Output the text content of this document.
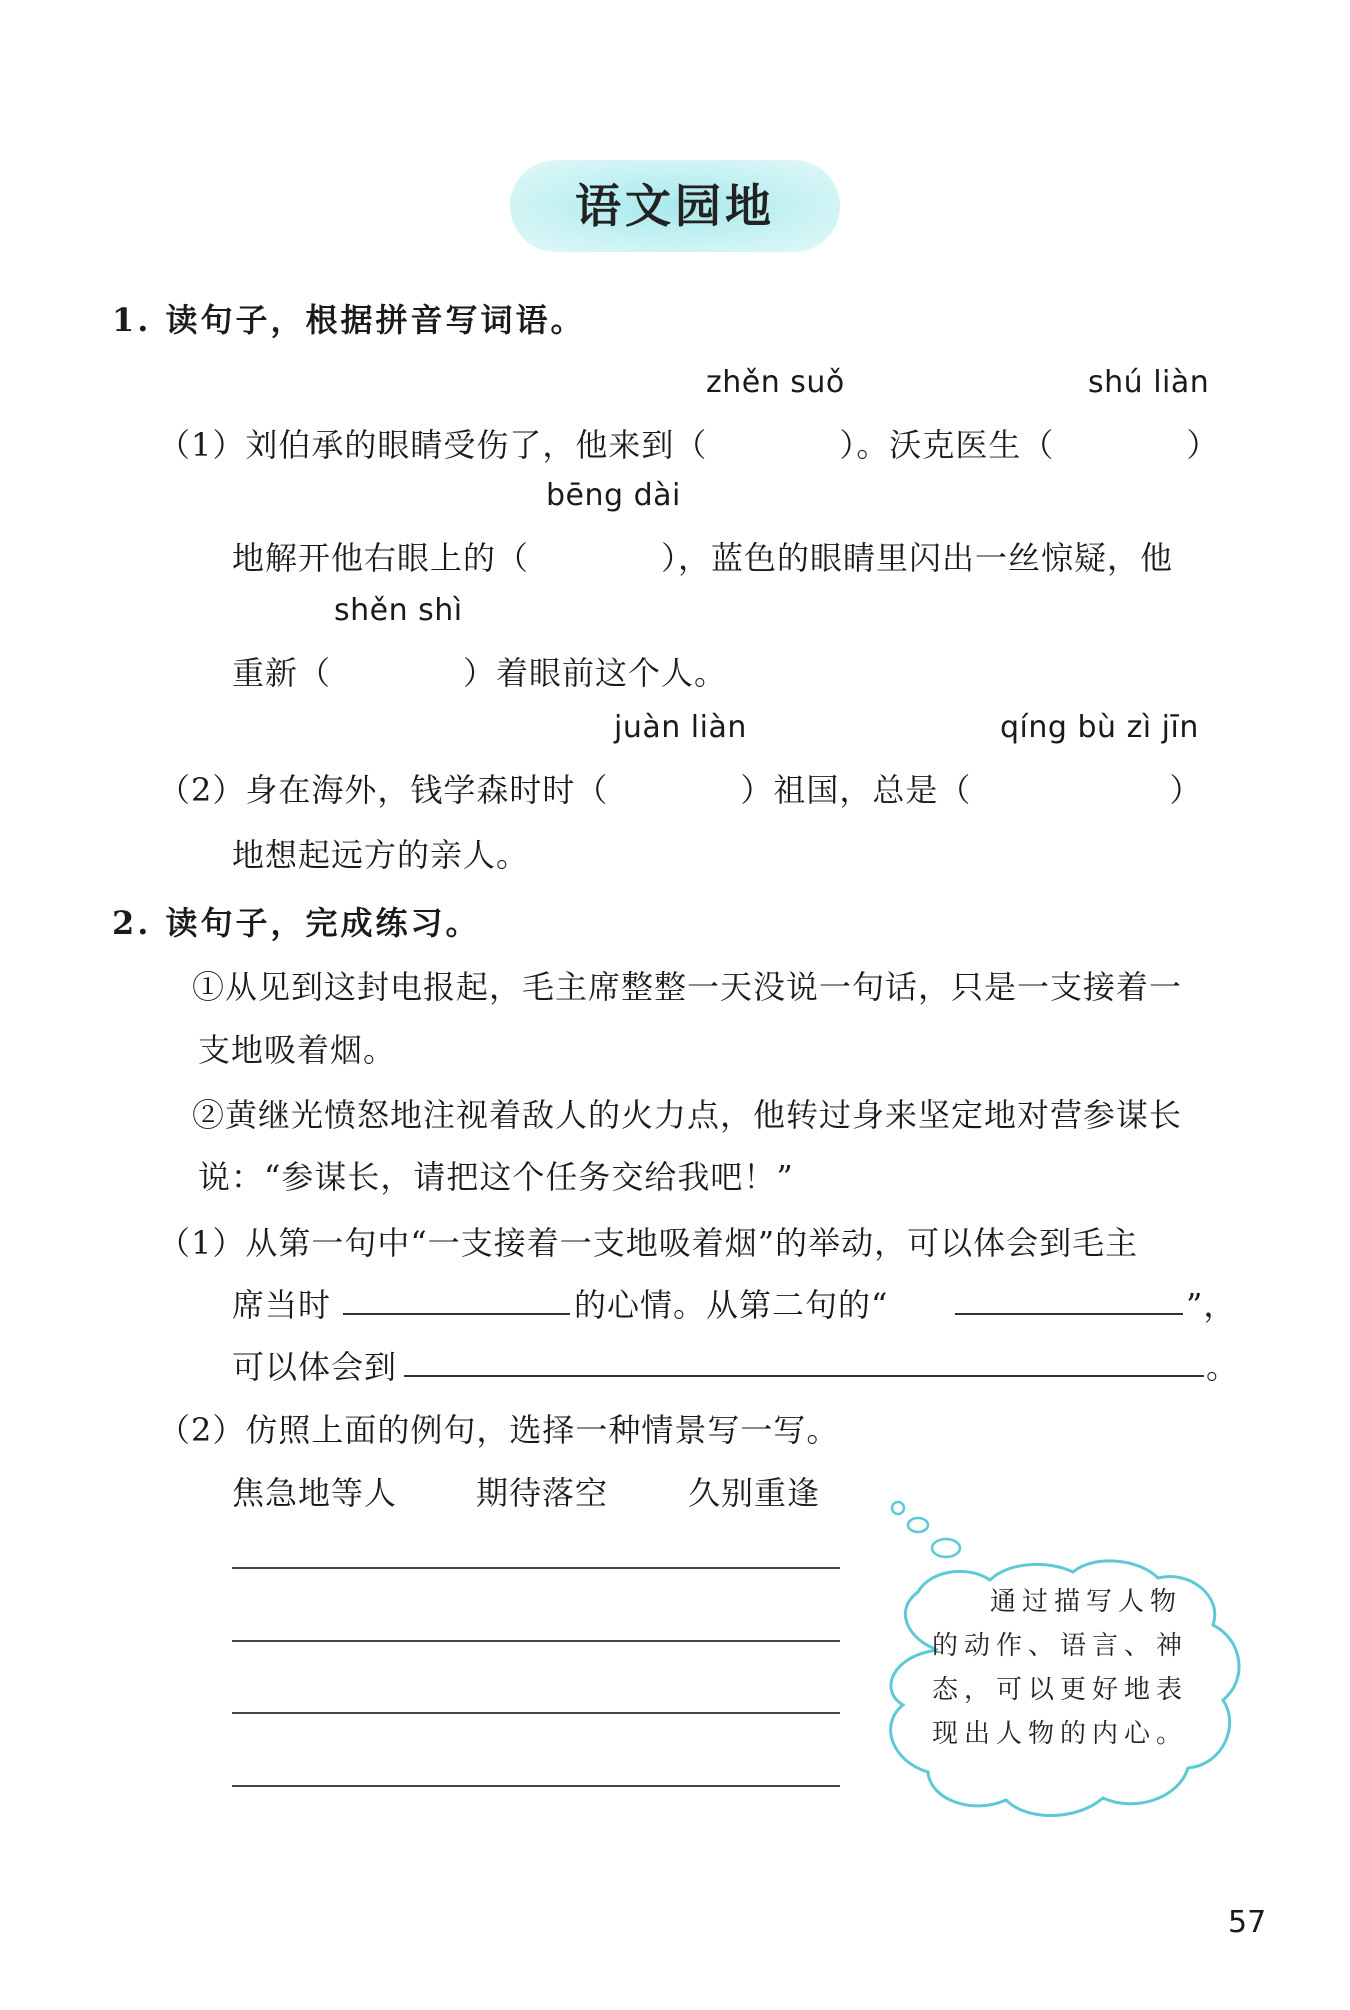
语文园地
1. 读句子，根据拼音写词语。
zhěn suǒ	shú liàn
（1）刘伯承的眼睛受伤了，他来到（　　　　）。沃克医生（　　　　）
bēng dài
地解开他右眼上的（　　　　），蓝色的眼睛里闪出一丝惊疑，他
shěn shì
重新（　　　　）着眼前这个人。
juàn liàn	qíng bù zì jīn
（2）身在海外，钱学森时时（　　　　）祖国，总是（　　　　　　）
地想起远方的亲人。
2. 读句子，完成练习。
①从见到这封电报起，毛主席整整一天没说一句话，只是一支接着一
支地吸着烟。
②黄继光愤怒地注视着敌人的火力点，他转过身来坚定地对营参谋长
说：“参谋长，请把这个任务交给我吧！”
（1）从第一句中“一支接着一支地吸着烟”的举动，可以体会到毛主
席当时	的心情。从第二句的“	”，
可以体会到	。
（2）仿照上面的例句，选择一种情景写一写。
焦急地等人 期待落空 久别重逢
通过描写人物
的动作、语言、神
态，可以更好地表
现出人物的内心。
57
